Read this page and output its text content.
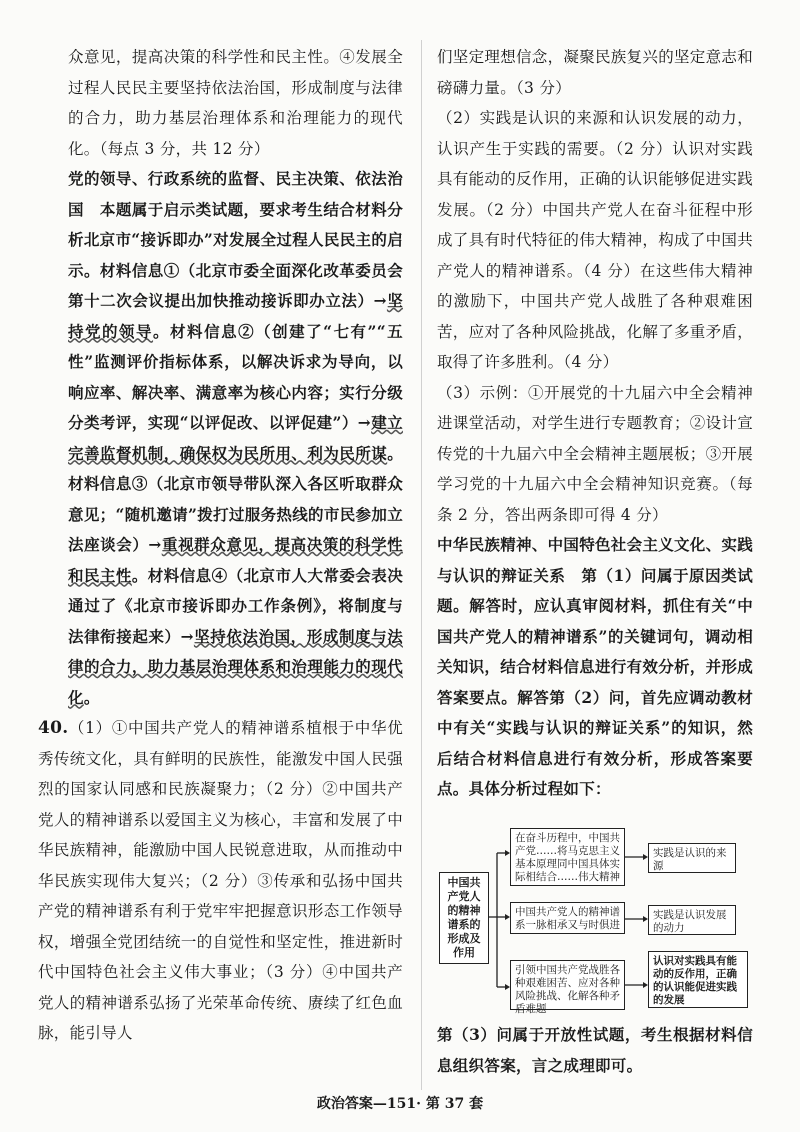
众意见，提高决策的科学性和民主性。④发展全过程人民民主要坚持依法治国，形成制度与法律的合力，助力基层治理体系和治理能力的现代化。（每点 3 分，共 12 分）

党的领导、行政系统的监督、民主决策、依法治国　本题属于启示类试题，要求考生结合材料分析北京市“接诉即办”对发展全过程人民民主的启示。材料信息①（北京市委全面深化改革委员会第十二次会议提出加快推动接诉即办立法）→坚持党的领导。材料信息②（创建了“七有”“五性”监测评价指标体系，以解决诉求为导向，以响应率、解决率、满意率为核心内容；实行分级分类考评，实现“以评促改、以评促建”）→建立完善监督机制，确保权为民所用、利为民所谋。材料信息③（北京市领导带队深入各区听取群众意见；“随机邀请”拨打过服务热线的市民参加立法座谈会）→重视群众意见，提高决策的科学性和民主性。材料信息④（北京市人大常委会表决通过了《北京市接诉即办工作条例》，将制度与法律衔接起来）→坚持依法治国，形成制度与法律的合力，助力基层治理体系和治理能力的现代化。

40.（1）①中国共产党人的精神谱系植根于中华优秀传统文化，具有鲜明的民族性，能激发中国人民强烈的国家认同感和民族凝聚力；（2 分）②中国共产党人的精神谱系以爱国主义为核心，丰富和发展了中华民族精神，能激励中国人民锐意进取，从而推动中华民族实现伟大复兴；（2 分）③传承和弘扬中国共产党的精神谱系有利于党牢牢把握意识形态工作领导权，增强全党团结统一的自觉性和坚定性，推进新时代中国特色社会主义伟大事业；（3 分）④中国共产党人的精神谱系弘扬了光荣革命传统、赓续了红色血脉，能引导人

们坚定理想信念，凝聚民族复兴的坚定意志和磅礴力量。（3 分）

（2）实践是认识的来源和认识发展的动力，认识产生于实践的需要。（2 分）认识对实践具有能动的反作用，正确的认识能够促进实践发展。（2 分）中国共产党人在奋斗征程中形成了具有时代特征的伟大精神，构成了中国共产党人的精神谱系。（4 分）在这些伟大精神的激励下，中国共产党人战胜了各种艰难困苦，应对了各种风险挑战，化解了多重矛盾，取得了许多胜利。（4 分）

（3）示例：①开展党的十九届六中全会精神进课堂活动，对学生进行专题教育；②设计宣传党的十九届六中全会精神主题展板；③开展学习党的十九届六中全会精神知识竞赛。（每条 2 分，答出两条即可得 4 分）

中华民族精神、中国特色社会主义文化、实践与认识的辩证关系　第（1）问属于原因类试题。解答时，应认真审阅材料，抓住有关“中国共产党人的精神谱系”的关键词句，调动相关知识，结合材料信息进行有效分析，并形成答案要点。解答第（2）问，首先应调动教材中有关“实践与认识的辩证关系”的知识，然后结合材料信息进行有效分析，形成答案要点。具体分析过程如下：

中国共产党人的精神谱系的形成及作用
在奋斗历程中，中国共产党……将马克思主义基本原理同中国具体实际相结合……伟大精神
中国共产党人的精神谱系一脉相承又与时俱进
引领中国共产党战胜各种艰难困苦、应对各种风险挑战、化解各种矛盾难题
实践是认识的来源
实践是认识发展的动力
认识对实践具有能动的反作用，正确的认识能促进实践的发展

第（3）问属于开放性试题，考生根据材料信息组织答案，言之成理即可。

政治答案—151· 第 37 套
